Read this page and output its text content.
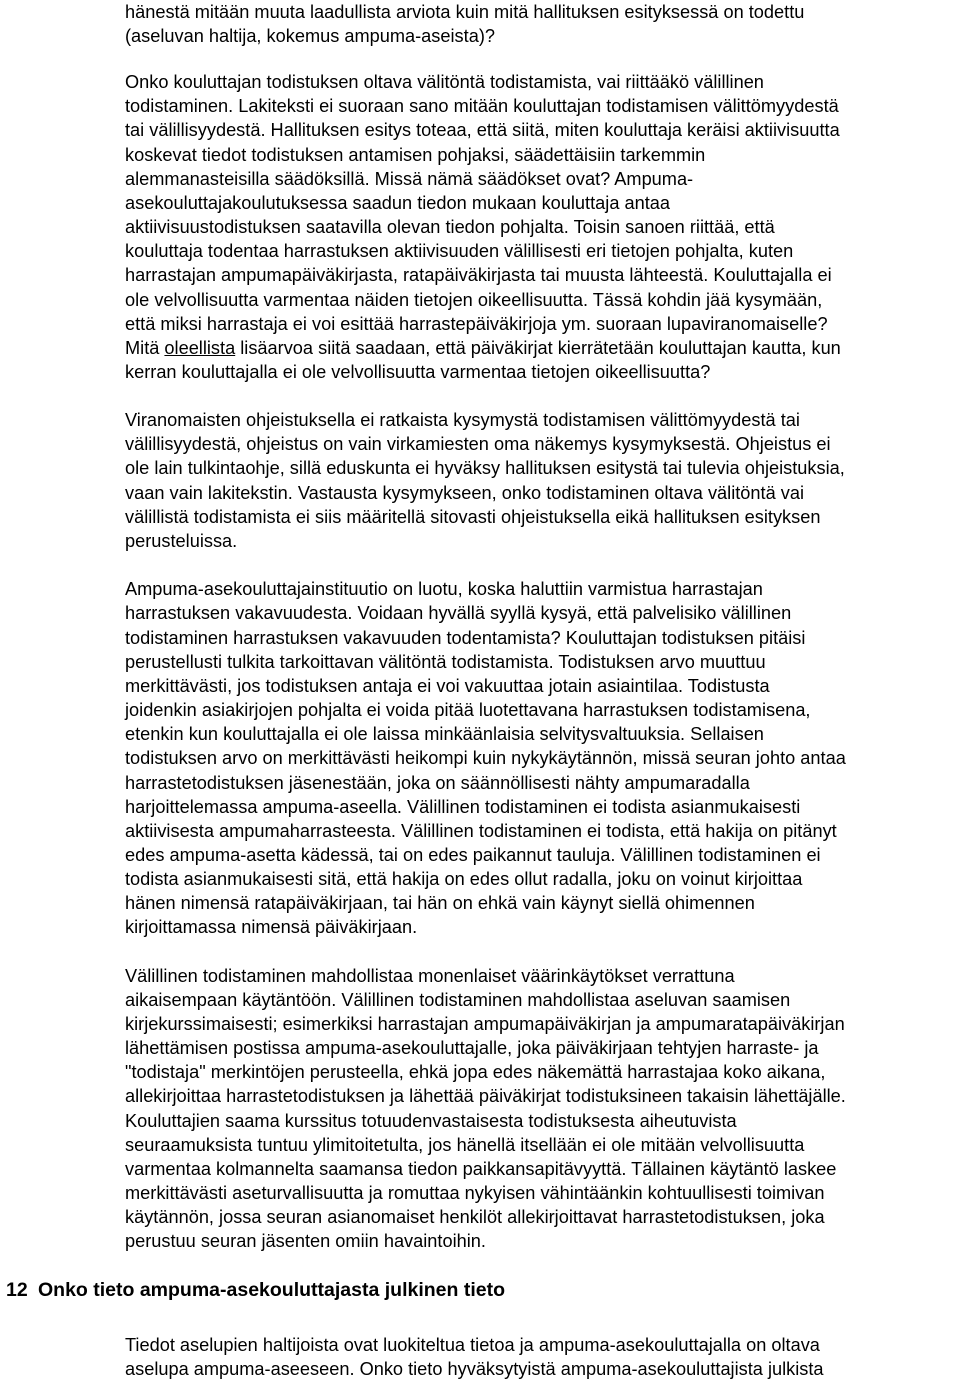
hänestä mitään muuta laadullista arviota kuin mitä hallituksen esityksessä on todettu
(aseluvan haltija, kokemus ampuma-aseista)?
Onko kouluttajan todistuksen oltava välitöntä todistamista, vai riittääkö välillinen
todistaminen. Lakiteksti ei suoraan sano mitään kouluttajan todistamisen välittömyydestä
tai välillisyydestä. Hallituksen esitys toteaa, että siitä, miten kouluttaja keräisi aktiivisuutta
koskevat tiedot todistuksen antamisen pohjaksi, säädettäisiin tarkemmin
alemmanasteisilla säädöksillä. Missä nämä säädökset ovat? Ampuma-
asekouluttajakoulutuksessa saadun tiedon mukaan kouluttaja antaa
aktiivisuustodistuksen saatavilla olevan tiedon pohjalta. Toisin sanoen riittää, että
kouluttaja todentaa harrastuksen aktiivisuuden välillisesti eri tietojen pohjalta, kuten
harrastajan ampumapäiväkirjasta, ratapäiväkirjasta tai muusta lähteestä. Kouluttajalla ei
ole velvollisuutta varmentaa näiden tietojen oikeellisuutta. Tässä kohdin jää kysymään,
että miksi harrastaja ei voi esittää harrastepäiväkirjoja ym. suoraan lupaviranomaiselle?
Mitä oleellista lisäarvoa siitä saadaan, että päiväkirjat kierrätetään kouluttajan kautta, kun
kerran kouluttajalla ei ole velvollisuutta varmentaa tietojen oikeellisuutta?
Viranomaisten ohjeistuksella ei ratkaista kysymystä todistamisen välittömyydestä tai
välillisyydestä, ohjeistus on vain virkamiesten oma näkemys kysymyksestä. Ohjeistus ei
ole lain tulkintaohje, sillä eduskunta ei hyväksy hallituksen esitystä tai tulevia ohjeistuksia,
vaan vain lakitekstin. Vastausta kysymykseen, onko todistaminen oltava välitöntä vai
välillistä todistamista ei siis määritellä sitovasti ohjeistuksella eikä hallituksen esityksen
perusteluissa.
Ampuma-asekouluttajainstituutio on luotu, koska haluttiin varmistua harrastajan
harrastuksen vakavuudesta. Voidaan hyvällä syyllä kysyä, että palvelisiko välillinen
todistaminen harrastuksen vakavuuden todentamista? Kouluttajan todistuksen pitäisi
perustellusti tulkita tarkoittavan välitöntä todistamista. Todistuksen arvo muuttuu
merkittävästi, jos todistuksen antaja ei voi vakuuttaa jotain asiaintilaa. Todistusta
joidenkin asiakirjojen pohjalta ei voida pitää luotettavana harrastuksen todistamisena,
etenkin kun kouluttajalla ei ole laissa minkäänlaisia selvitysvaltuuksia. Sellaisen
todistuksen arvo on merkittävästi heikompi kuin nykykäytännön, missä seuran johto antaa
harrastetodistuksen jäsenestään, joka on säännöllisesti nähty ampumaradalla
harjoittelemassa ampuma-aseella. Välillinen todistaminen ei todista asianmukaisesti
aktiivisesta ampumaharrasteesta. Välillinen todistaminen ei todista, että hakija on pitänyt
edes ampuma-asetta kädessä, tai on edes paikannut tauluja. Välillinen todistaminen ei
todista asianmukaisesti sitä, että hakija on edes ollut radalla, joku on voinut kirjoittaa
hänen nimensä ratapäiväkirjaan, tai hän on ehkä vain käynyt siellä ohimennen
kirjoittamassa nimensä päiväkirjaan.
Välillinen todistaminen mahdollistaa monenlaiset väärinkäytökset verrattuna
aikaisempaan käytäntöön. Välillinen todistaminen mahdollistaa aseluvan saamisen
kirjekurssimaisesti; esimerkiksi harrastajan ampumapäiväkirjan ja ampumaratapäiväkirjan
lähettämisen postissa ampuma-asekouluttajalle, joka päiväkirjaan tehtyjen harraste- ja
"todistaja" merkintöjen perusteella, ehkä jopa edes näkemättä harrastajaa koko aikana,
allekirjoittaa harrastetodistuksen ja lähettää päiväkirjat todistuksineen takaisin lähettäjälle.
Kouluttajien saama kurssitus totuudenvastaisesta todistuksesta aiheutuvista
seuraamuksista tuntuu ylimitoitetulta, jos hänellä itsellään ei ole mitään velvollisuutta
varmentaa kolmannelta saamansa tiedon paikkansapitävyyttä. Tällainen käytäntö laskee
merkittävästi aseturvallisuutta ja romuttaa nykyisen vähintäänkin kohtuullisesti toimivan
käytännön, jossa seuran asianomaiset henkilöt allekirjoittavat harrastetodistuksen, joka
perustuu seuran jäsenten omiin havaintoihin.
12 Onko tieto ampuma-asekouluttajasta julkinen tieto
Tiedot aselupien haltijoista ovat luokiteltua tietoa ja ampuma-asekouluttajalla on oltava
aselupa ampuma-aseeseen. Onko tieto hyväksytyistä ampuma-asekouluttajista julkista
